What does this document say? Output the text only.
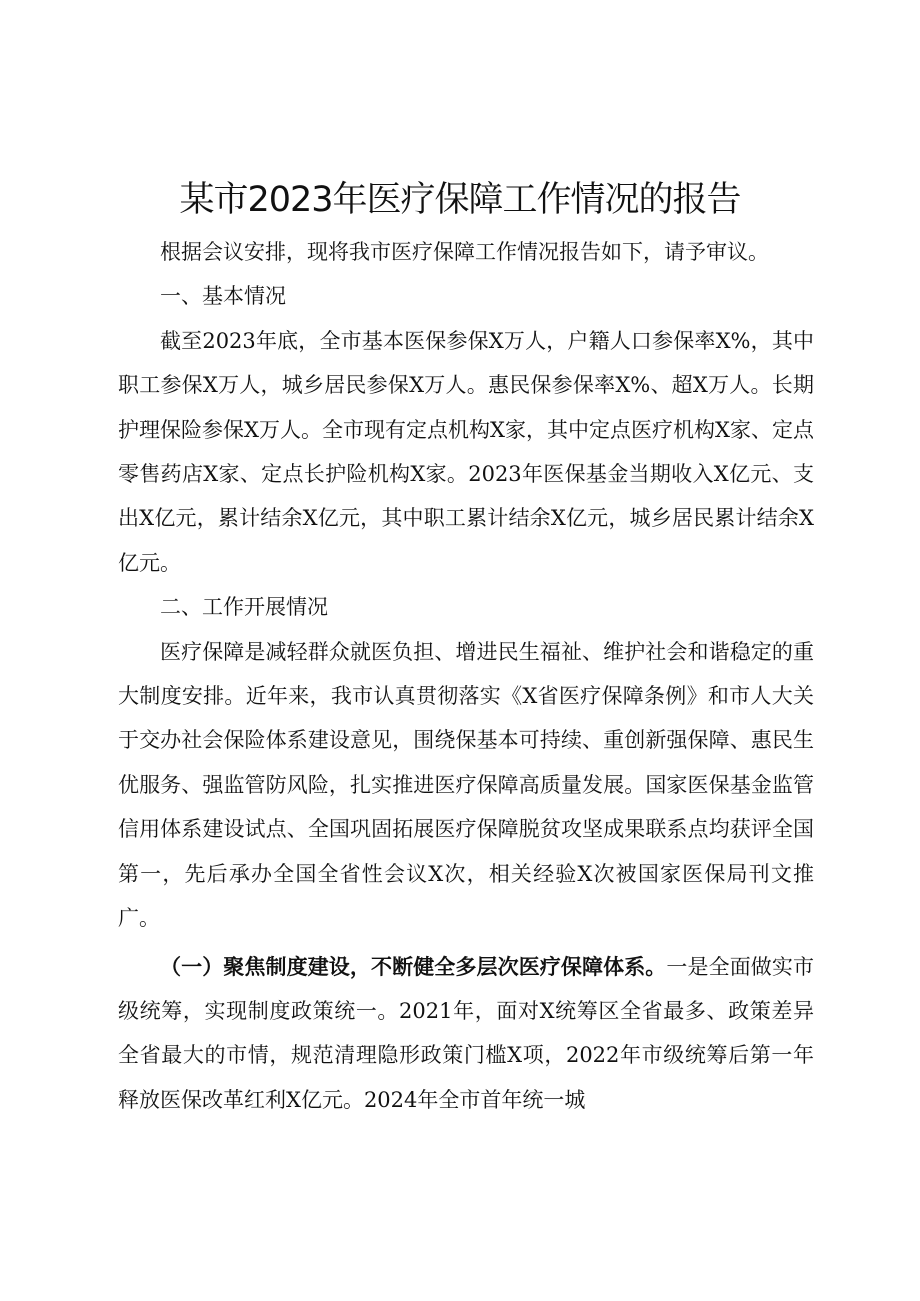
某市2023年医疗保障工作情况的报告

根据会议安排，现将我市医疗保障工作情况报告如下，请予审议。

一、基本情况

截至2023年底，全市基本医保参保X万人，户籍人口参保率X%，其中职工参保X万人，城乡居民参保X万人。惠民保参保率X%、超X万人。长期护理保险参保X万人。全市现有定点机构X家，其中定点医疗机构X家、定点零售药店X家、定点长护险机构X家。2023年医保基金当期收入X亿元、支出X亿元，累计结余X亿元，其中职工累计结余X亿元，城乡居民累计结余X亿元。

二、工作开展情况

医疗保障是减轻群众就医负担、增进民生福祉、维护社会和谐稳定的重大制度安排。近年来，我市认真贯彻落实《X省医疗保障条例》和市人大关于交办社会保险体系建设意见，围绕保基本可持续、重创新强保障、惠民生优服务、强监管防风险，扎实推进医疗保障高质量发展。国家医保基金监管信用体系建设试点、全国巩固拓展医疗保障脱贫攻坚成果联系点均获评全国第一，先后承办全国全省性会议X次，相关经验X次被国家医保局刊文推广。

（一）聚焦制度建设，不断健全多层次医疗保障体系。一是全面做实市级统筹，实现制度政策统一。2021年，面对X统筹区全省最多、政策差异全省最大的市情，规范清理隐形政策门槛X项，2022年市级统筹后第一年释放医保改革红利X亿元。2024年全市首年统一城
